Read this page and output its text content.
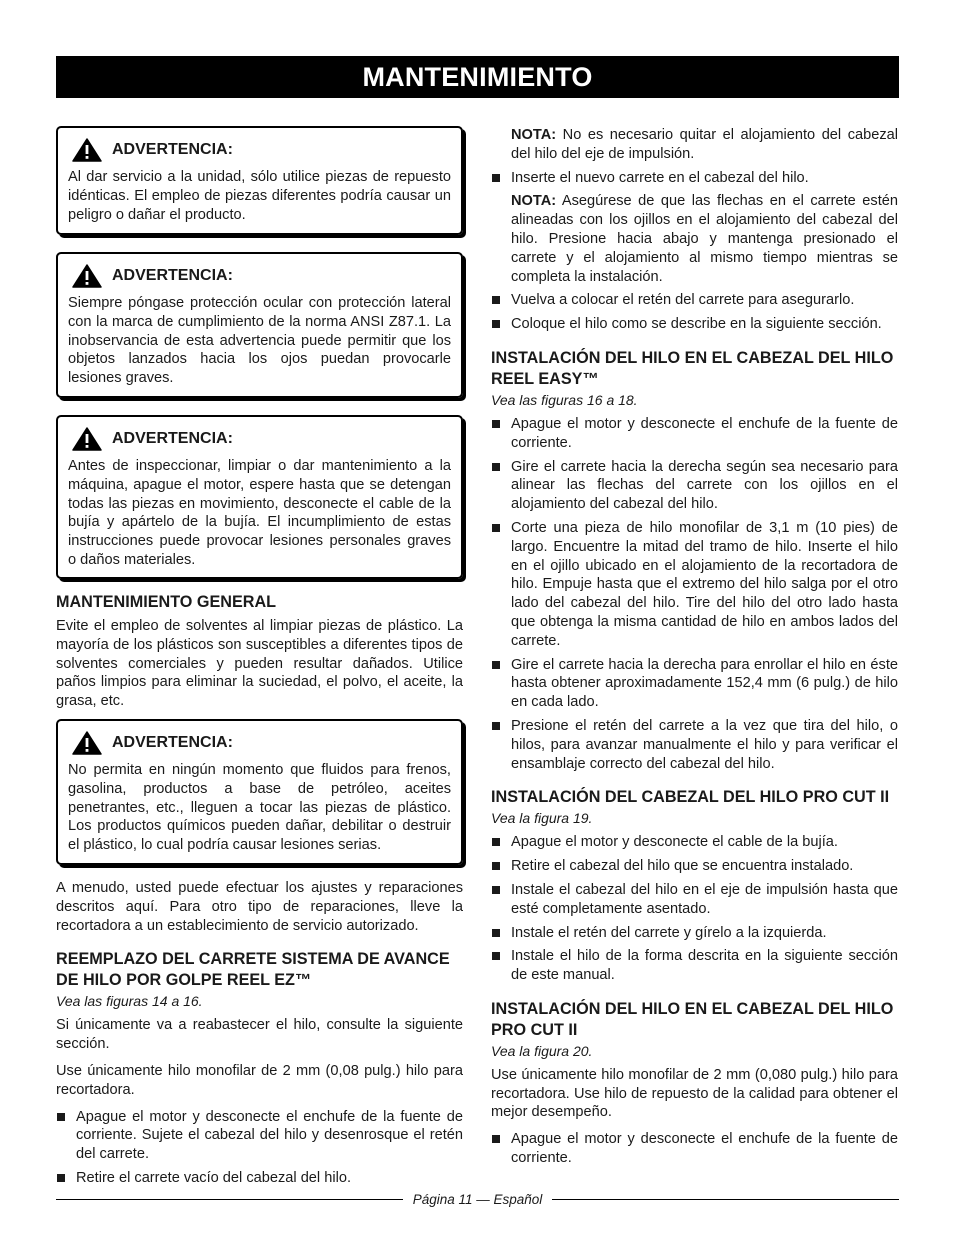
MANTENIMIENTO
ADVERTENCIA:
Al dar servicio a la unidad, sólo utilice piezas de repuesto idénticas. El empleo de piezas diferentes podría causar un peligro o dañar el producto.
ADVERTENCIA:
Siempre póngase protección ocular con protección lateral con la marca de cumplimiento de la norma ANSI Z87.1. La inobservancia de esta advertencia puede permitir que los objetos lanzados hacia los ojos puedan provocarle lesiones graves.
ADVERTENCIA:
Antes de inspeccionar, limpiar o dar mantenimiento a la máquina, apague el motor, espere hasta que se detengan todas las piezas en movimiento, desconecte el cable de la bujía y apártelo de la bujía. El incumplimiento de estas instrucciones puede provocar lesiones personales graves o daños materiales.
MANTENIMIENTO GENERAL

Evite el empleo de solventes al limpiar piezas de plástico. La mayoría de los plásticos son susceptibles a diferentes tipos de solventes comerciales y pueden resultar dañados. Utilice paños limpios para eliminar la suciedad, el polvo, el aceite, la grasa, etc.

ADVERTENCIA:
No permita en ningún momento que fluidos para frenos, gasolina, productos a base de petróleo, aceites penetrantes, etc., lleguen a tocar las piezas de plástico. Los productos químicos pueden dañar, debilitar o destruir el plástico, lo cual podría causar lesiones serias.

A menudo, usted puede efectuar los ajustes y reparaciones descritos aquí. Para otro tipo de reparaciones, lleve la recortadora a un establecimiento de servicio autorizado.

REEMPLAZO DEL CARRETE SISTEMA DE AVANCE DE HILO POR GOLPE REEL EZ™
Vea las figuras 14 a 16.

Si únicamente va a reabastecer el hilo, consulte la siguiente sección.

Use únicamente hilo monofilar de 2 mm (0,08 pulg.) hilo para recortadora.

Apague el motor y desconecte el enchufe de la fuente de corriente. Sujete el cabezal del hilo y desenrosque el retén del carrete.
Retire el carrete vacío del cabezal del hilo.
NOTA: No es necesario quitar el alojamiento del cabezal del hilo del eje de impulsión.
Inserte el nuevo carrete en el cabezal del hilo.
NOTA: Asegúrese de que las flechas en el carrete estén alineadas con los ojillos en el alojamiento del cabezal del hilo. Presione hacia abajo y mantenga presionado el carrete y el alojamiento al mismo tiempo mientras se completa la instalación.
Vuelva a colocar el retén del carrete para asegurarlo.
Coloque el hilo como se describe en la siguiente sección.
INSTALACIÓN DEL HILO EN EL CABEZAL DEL HILO REEL EASY™
Vea las figuras 16 a 18.
Apague el motor y desconecte el enchufe de la fuente de corriente.
Gire el carrete hacia la derecha según sea necesario para alinear las flechas del carrete con los ojillos en el alojamiento del cabezal del hilo.
Corte una pieza de hilo monofilar de 3,1 m (10 pies) de largo. Encuentre la mitad del tramo de hilo. Inserte el hilo en el ojillo ubicado en el alojamiento de la recortadora de hilo. Empuje hasta que el extremo del hilo salga por el otro lado del cabezal del hilo. Tire del hilo del otro lado hasta que obtenga la misma cantidad de hilo en ambos lados del carrete.
Gire el carrete hacia la derecha para enrollar el hilo en éste hasta obtener aproximadamente 152,4 mm (6 pulg.) de hilo en cada lado.
Presione el retén del carrete a la vez que tira del hilo, o hilos, para avanzar manualmente el hilo y para verificar el ensamblaje correcto del cabezal del hilo.
INSTALACIÓN DEL CABEZAL DEL HILO PRO CUT II
Vea la figura 19.
Apague el motor y desconecte el cable de la bujía.
Retire el cabezal del hilo que se encuentra instalado.
Instale el cabezal del hilo en el eje de impulsión hasta que esté completamente asentado.
Instale el retén del carrete y gírelo a la izquierda.
Instale el hilo de la forma descrita en la siguiente sección de este manual.
INSTALACIÓN DEL HILO EN EL CABEZAL DEL HILO PRO CUT II
Vea la figura 20.

Use únicamente hilo monofilar de 2 mm (0,080 pulg.) hilo para recortadora. Use hilo de repuesto de la calidad para obtener el mejor desempeño.

Apague el motor y desconecte el enchufe de la fuente de corriente.
Página 11 — Español
